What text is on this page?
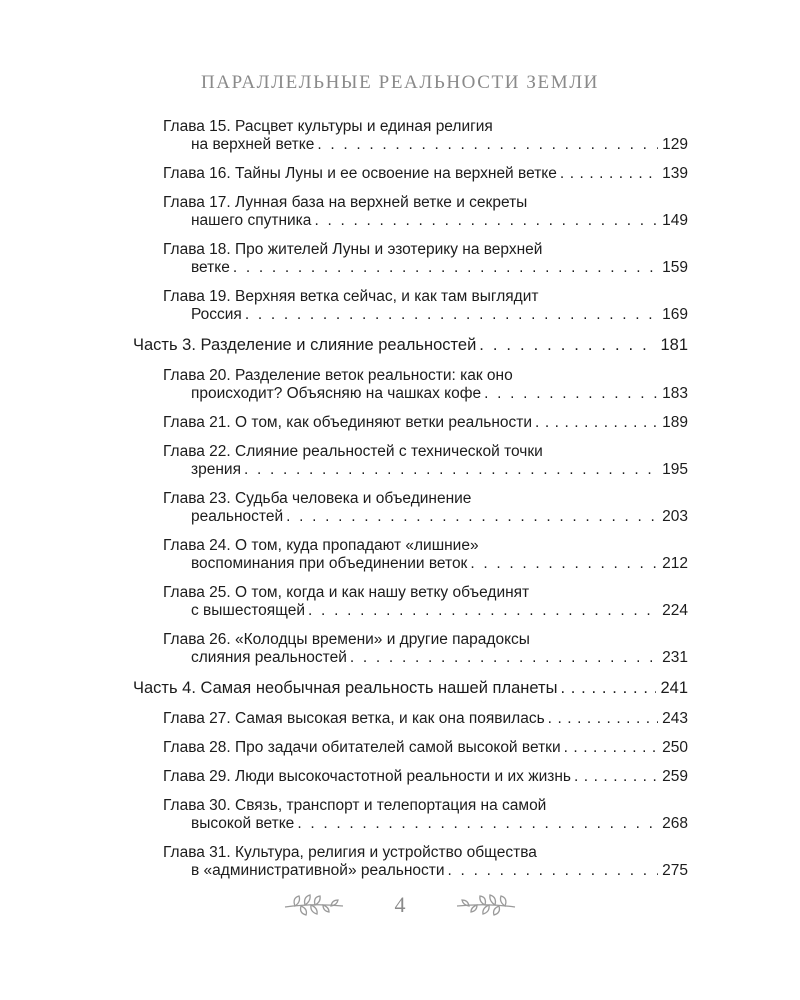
ПАРАЛЛЕЛЬНЫЕ РЕАЛЬНОСТИ ЗЕМЛИ
Глава 15. Расцвет культуры и единая религия
на верхней ветке . . .	129
Глава 16. Тайны Луны и ее освоение на верхней ветке . . .	139
Глава 17. Лунная база на верхней ветке и секреты
нашего спутника . . .	149
Глава 18. Про жителей Луны и эзотерику на верхней
ветке . . .	159
Глава 19. Верхняя ветка сейчас, и как там выглядит
Россия . . .	169
Часть 3. Разделение и слияние реальностей . . .	181
Глава 20. Разделение веток реальности: как оно
происходит? Объясняю на чашках кофе . . .	183
Глава 21. О том, как объединяют ветки реальности . . .	189
Глава 22. Слияние реальностей с технической точки
зрения . . .	195
Глава 23. Судьба человека и объединение
реальностей . . .	203
Глава 24. О том, куда пропадают «лишние»
воспоминания при объединении веток . . .	212
Глава 25. О том, когда и как нашу ветку объединят
с вышестоящей . . .	224
Глава 26. «Колодцы времени» и другие парадоксы
слияния реальностей . . .	231
Часть 4. Самая необычная реальность нашей планеты . . .	241
Глава 27. Самая высокая ветка, и как она появилась . . .	243
Глава 28. Про задачи обитателей самой высокой ветки . . .	250
Глава 29. Люди высокочастотной реальности и их жизнь . . .	259
Глава 30. Связь, транспорт и телепортация на самой
высокой ветке . . .	268
Глава 31. Культура, религия и устройство общества
в «административной» реальности . . .	275
4
